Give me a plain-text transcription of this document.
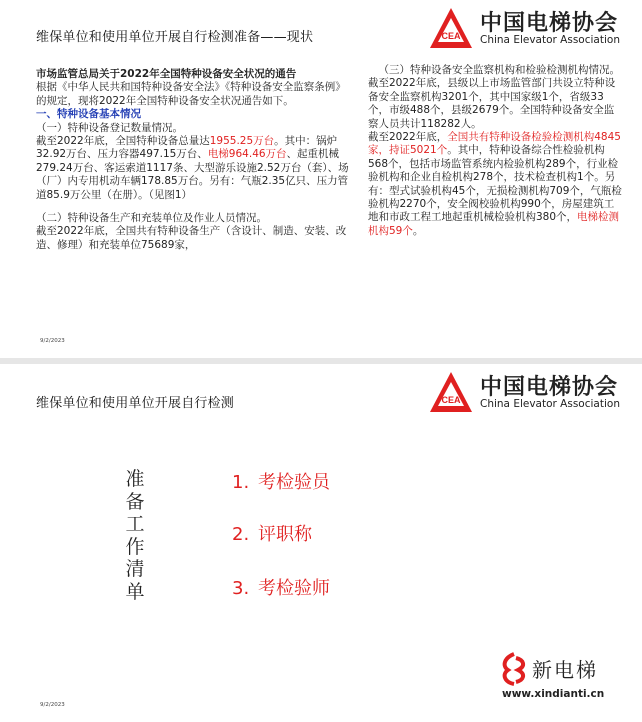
维保单位和使用单位开展自行检测准备——现状	CEA 中国电梯协会
China Elevator Association

市场监管总局关于2022年全国特种设备安全状况的通告

根据《中华人民共和国特种设备安全法》《特种设备安全监察条例》的规定，现将2022年全国特种设备安全状况通告如下。

一、特种设备基本情况

（一）特种设备登记数量情况。

截至2022年底，全国特种设备总量达1955.25万台。其中：锅炉32.92万台、压力容器497.15万台、电梯964.46万台、起重机械279.24万台、客运索道1117条、大型游乐设施2.52万台（套）、场（厂）内专用机动车辆178.85万台。另有：气瓶2.35亿只、压力管道85.9万公里（在册）。（见图1）

（二）特种设备生产和充装单位及作业人员情况。

截至2022年底，全国共有特种设备生产（含设计、制造、安装、改造、修理）和充装单位75689家，

（三）特种设备安全监察机构和检验检测机构情况。

截至2022年底，县级以上市场监管部门共设立特种设备安全监察机构3201个，其中国家级1个，省级33个，市级488个，县级2679个。全国特种设备安全监察人员共计118282人。

截至2022年底，全国共有特种设备检验检测机构4845家，持证5021个。其中，特种设备综合性检验机构568个，包括市场监管系统内检验机构289个，行业检验机构和企业自检机构278个，技术检查机构1个。另有：型式试验机构45个，无损检测机构709个，气瓶检验机构2270个，安全阀校验机构990个，房屋建筑工地和市政工程工地起重机械检验机构380个，电梯检测机构59个。

9/2/2023
维保单位和使用单位开展自行检测	CEA 中国电梯协会
China Elevator Association
准
备
工
作
清
单
1. 考检验员
2. 评职称
3. 考检验师
新电梯
www.xindianti.cn
9/2/2023
